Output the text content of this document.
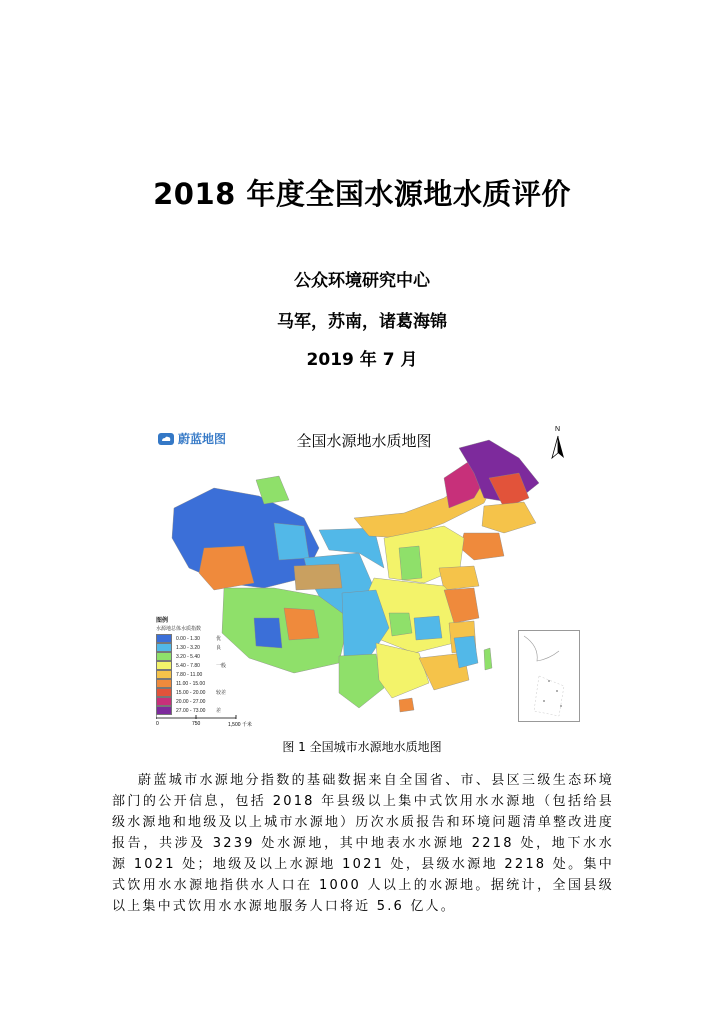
2018 年度全国水源地水质评价
公众环境研究中心
马军，苏南，诸葛海锦
2019 年 7 月
蔚蓝地图	全国水源地水质地图
N
图例
水源地总体水质指数
0.00 - 1.30	优
1.30 - 3.20	良
3.20 - 5.40
5.40 - 7.80	一般
7.80 - 11.00
11.00 - 15.00
15.00 - 20.00	较差
20.00 - 27.00
27.00 - 73.00	差
0	750	1,500 千米
图 1 全国城市水源地水质地图
蔚蓝城市水源地分指数的基础数据来自全国省、市、县区三级生态环境部门的公开信息，包括 2018 年县级以上集中式饮用水水源地（包括给县级水源地和地级及以上城市水源地）历次水质报告和环境问题清单整改进度报告，共涉及 3239 处水源地，其中地表水水源地 2218 处，地下水水源 1021 处；地级及以上水源地 1021 处，县级水源地 2218 处。集中式饮用水水源地指供水人口在 1000 人以上的水源地。据统计，全国县级以上集中式饮用水水源地服务人口将近 5.6 亿人。
